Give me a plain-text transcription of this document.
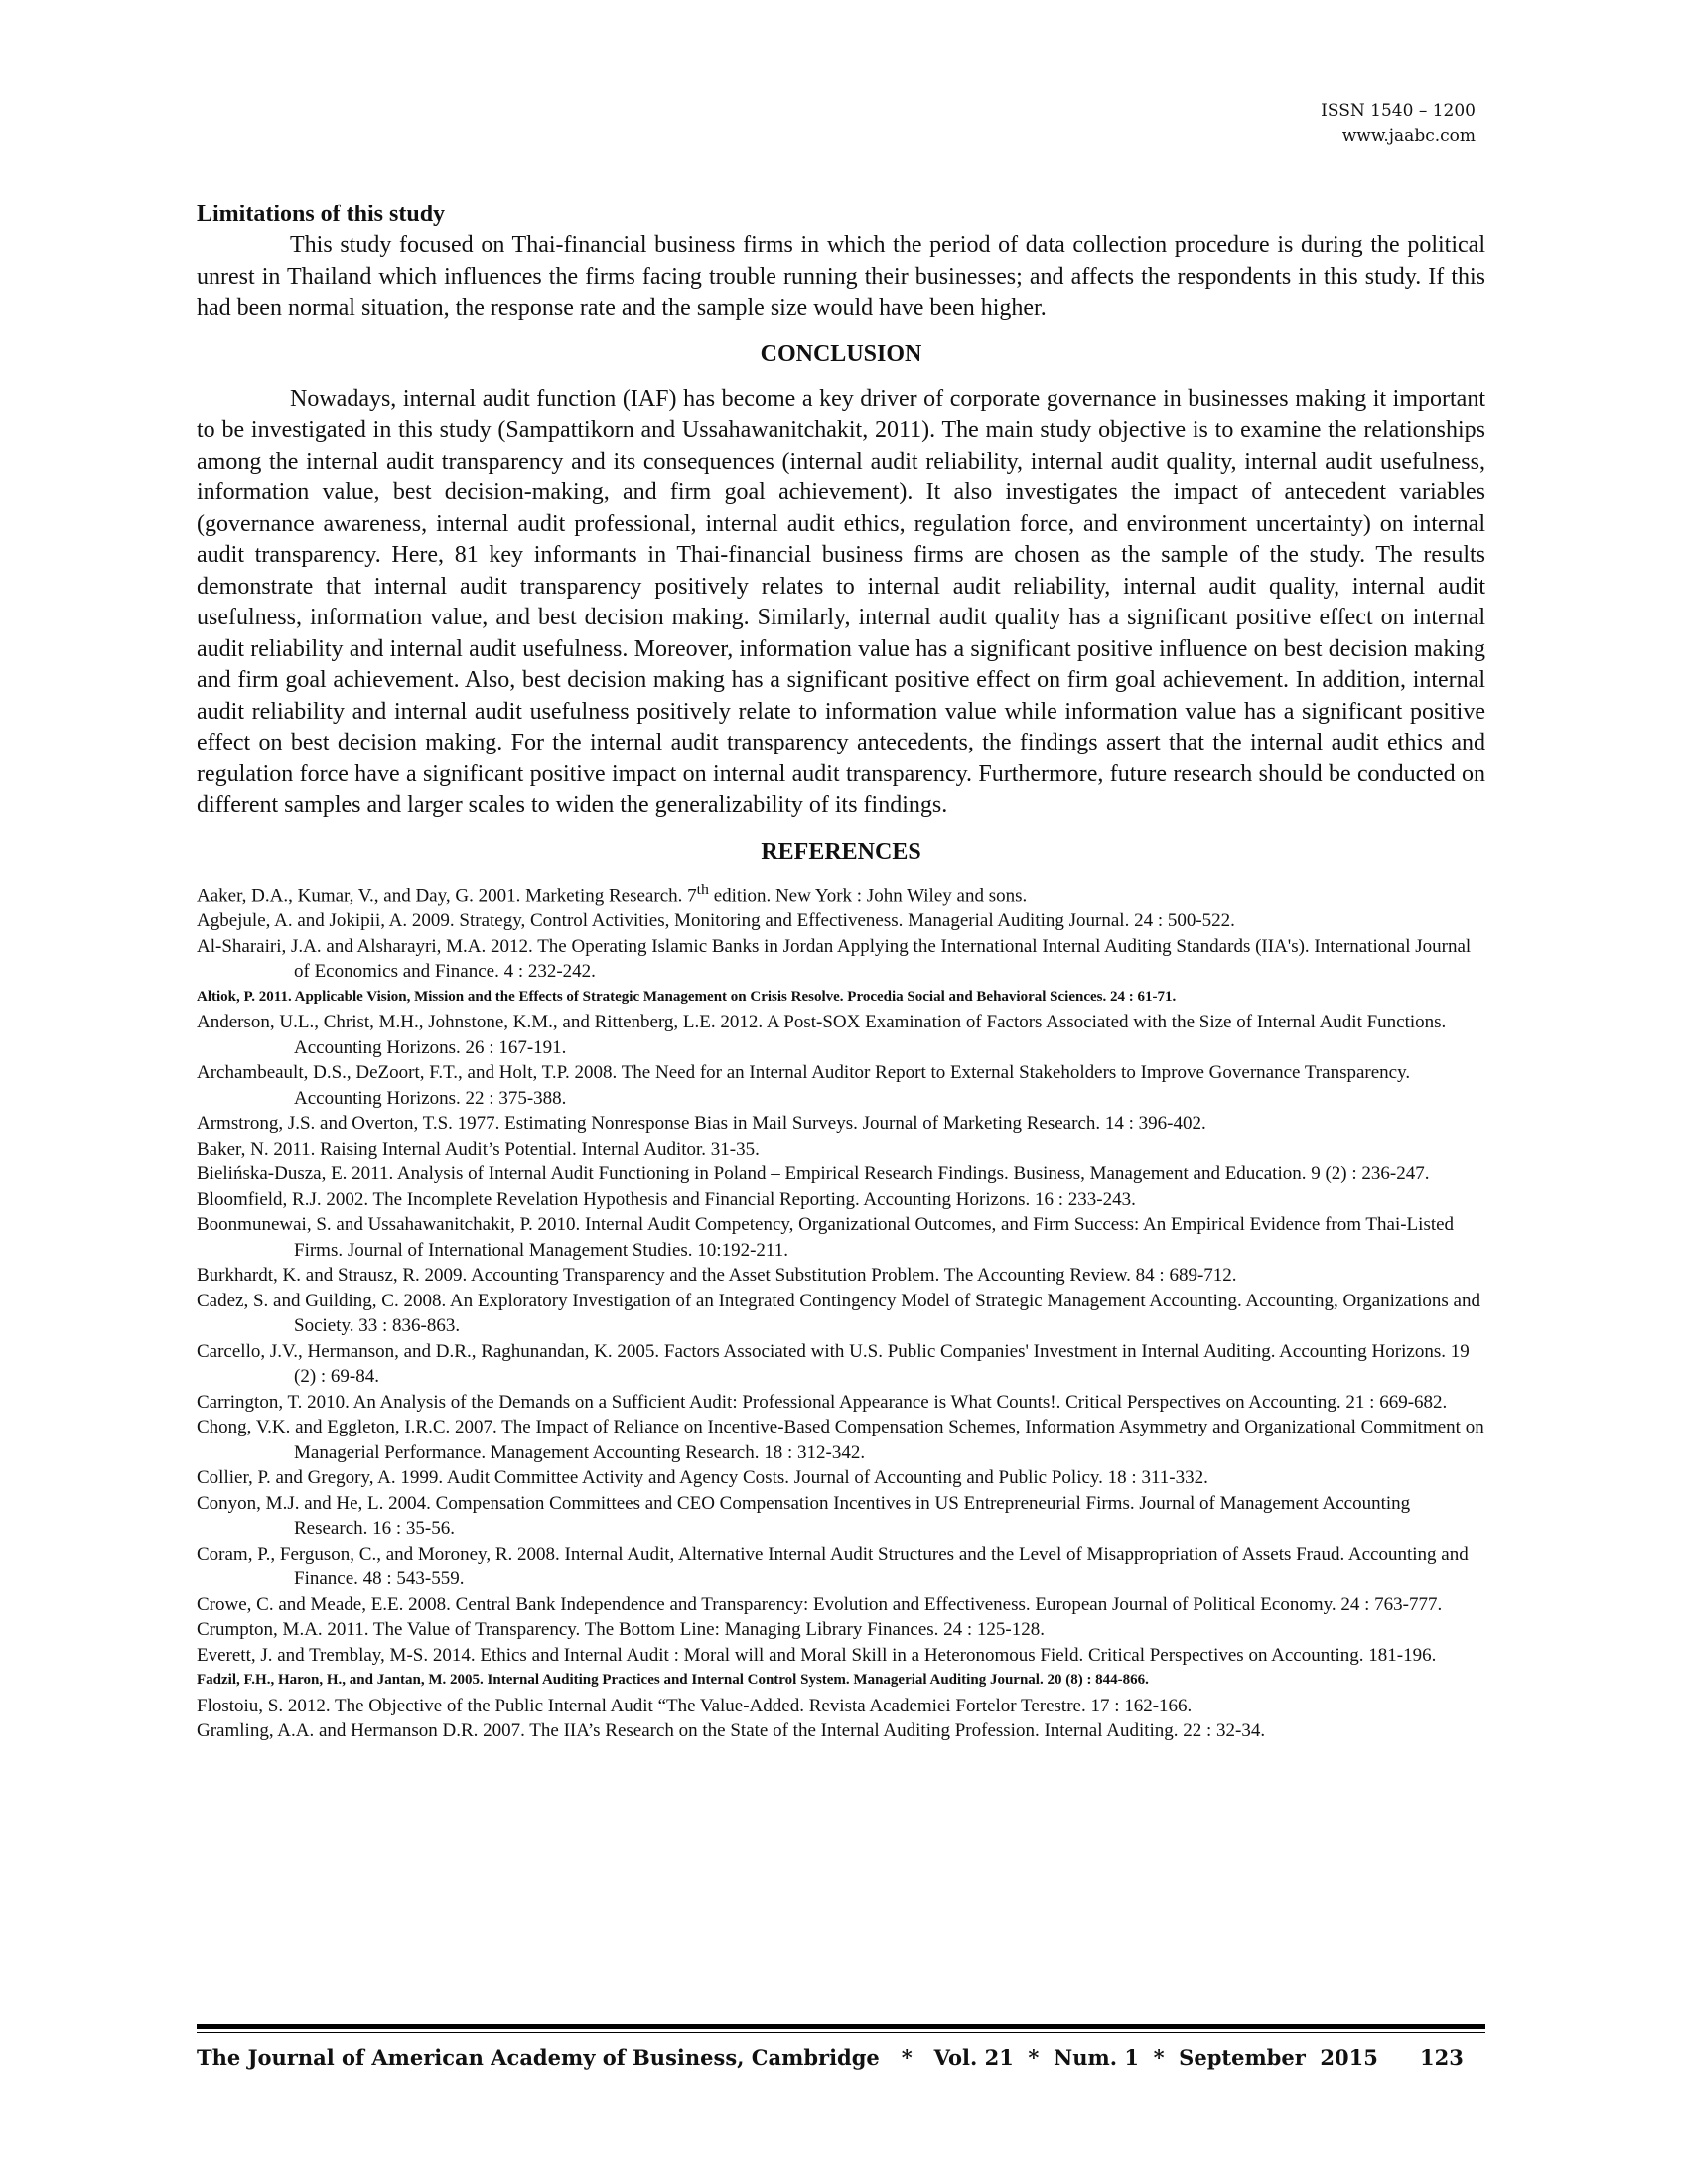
ISSN 1540 – 1200
www.jaabc.com

Limitations of this study

This study focused on Thai-financial business firms in which the period of data collection procedure is during the political unrest in Thailand which influences the firms facing trouble running their businesses; and affects the respondents in this study. If this had been normal situation, the response rate and the sample size would have been higher.

CONCLUSION

Nowadays, internal audit function (IAF) has become a key driver of corporate governance in businesses making it important to be investigated in this study (Sampattikorn and Ussahawanitchakit, 2011). The main study objective is to examine the relationships among the internal audit transparency and its consequences (internal audit reliability, internal audit quality, internal audit usefulness, information value, best decision-making, and firm goal achievement). It also investigates the impact of antecedent variables (governance awareness, internal audit professional, internal audit ethics, regulation force, and environment uncertainty) on internal audit transparency. Here, 81 key informants in Thai-financial business firms are chosen as the sample of the study. The results demonstrate that internal audit transparency positively relates to internal audit reliability, internal audit quality, internal audit usefulness, information value, and best decision making. Similarly, internal audit quality has a significant positive effect on internal audit reliability and internal audit usefulness. Moreover, information value has a significant positive influence on best decision making and firm goal achievement. Also, best decision making has a significant positive effect on firm goal achievement. In addition, internal audit reliability and internal audit usefulness positively relate to information value while information value has a significant positive effect on best decision making. For the internal audit transparency antecedents, the findings assert that the internal audit ethics and regulation force have a significant positive impact on internal audit transparency. Furthermore, future research should be conducted on different samples and larger scales to widen the generalizability of its findings.

REFERENCES

Aaker, D.A., Kumar, V., and Day, G. 2001. Marketing Research. 7th edition. New York : John Wiley and sons.

Agbejule, A. and Jokipii, A. 2009. Strategy, Control Activities, Monitoring and Effectiveness. Managerial Auditing Journal. 24 : 500-522.

Al-Sharairi, J.A. and Alsharayri, M.A. 2012. The Operating Islamic Banks in Jordan Applying the International Internal Auditing Standards (IIA's). International Journal of Economics and Finance. 4 : 232-242.

Altiok, P. 2011. Applicable Vision, Mission and the Effects of Strategic Management on Crisis Resolve. Procedia Social and Behavioral Sciences. 24 : 61-71.

Anderson, U.L., Christ, M.H., Johnstone, K.M., and Rittenberg, L.E. 2012. A Post-SOX Examination of Factors Associated with the Size of Internal Audit Functions. Accounting Horizons. 26 : 167-191.

Archambeault, D.S., DeZoort, F.T., and Holt, T.P. 2008. The Need for an Internal Auditor Report to External Stakeholders to Improve Governance Transparency. Accounting Horizons. 22 : 375-388.

Armstrong, J.S. and Overton, T.S. 1977. Estimating Nonresponse Bias in Mail Surveys. Journal of Marketing Research. 14 : 396-402.

Baker, N. 2011. Raising Internal Audit’s Potential. Internal Auditor. 31-35.

Bielińska-Dusza, E. 2011. Analysis of Internal Audit Functioning in Poland – Empirical Research Findings. Business, Management and Education. 9 (2) : 236-247.

Bloomfield, R.J. 2002. The Incomplete Revelation Hypothesis and Financial Reporting. Accounting Horizons. 16 : 233-243.

Boonmunewai, S. and Ussahawanitchakit, P. 2010. Internal Audit Competency, Organizational Outcomes, and Firm Success: An Empirical Evidence from Thai-Listed Firms. Journal of International Management Studies. 10:192-211.

Burkhardt, K. and Strausz, R. 2009. Accounting Transparency and the Asset Substitution Problem. The Accounting Review. 84 : 689-712.

Cadez, S. and Guilding, C. 2008. An Exploratory Investigation of an Integrated Contingency Model of Strategic Management Accounting. Accounting, Organizations and Society. 33 : 836-863.

Carcello, J.V., Hermanson, and D.R., Raghunandan, K. 2005. Factors Associated with U.S. Public Companies' Investment in Internal Auditing. Accounting Horizons. 19 (2) : 69-84.

Carrington, T. 2010. An Analysis of the Demands on a Sufficient Audit: Professional Appearance is What Counts!. Critical Perspectives on Accounting. 21 : 669-682.

Chong, V.K. and Eggleton, I.R.C. 2007. The Impact of Reliance on Incentive-Based Compensation Schemes, Information Asymmetry and Organizational Commitment on Managerial Performance. Management Accounting Research. 18 : 312-342.

Collier, P. and Gregory, A. 1999. Audit Committee Activity and Agency Costs. Journal of Accounting and Public Policy. 18 : 311-332.

Conyon, M.J. and He, L. 2004. Compensation Committees and CEO Compensation Incentives in US Entrepreneurial Firms. Journal of Management Accounting Research. 16 : 35-56.

Coram, P., Ferguson, C., and Moroney, R. 2008. Internal Audit, Alternative Internal Audit Structures and the Level of Misappropriation of Assets Fraud. Accounting and Finance. 48 : 543-559.

Crowe, C. and Meade, E.E. 2008. Central Bank Independence and Transparency: Evolution and Effectiveness. European Journal of Political Economy. 24 : 763-777.

Crumpton, M.A. 2011. The Value of Transparency. The Bottom Line: Managing Library Finances. 24 : 125-128.

Everett, J. and Tremblay, M-S. 2014. Ethics and Internal Audit : Moral will and Moral Skill in a Heteronomous Field. Critical Perspectives on Accounting. 181-196.

Fadzil, F.H., Haron, H., and Jantan, M. 2005. Internal Auditing Practices and Internal Control System. Managerial Auditing Journal. 20 (8) : 844-866.

Flostoiu, S. 2012. The Objective of the Public Internal Audit “The Value-Added. Revista Academiei Fortelor Terestre. 17 : 162-166.

Gramling, A.A. and Hermanson D.R. 2007. The IIA’s Research on the State of the Internal Auditing Profession. Internal Auditing. 22 : 32-34.

The Journal of American Academy of Business, Cambridge   *   Vol. 21  *  Num. 1  *  September  2015	123
